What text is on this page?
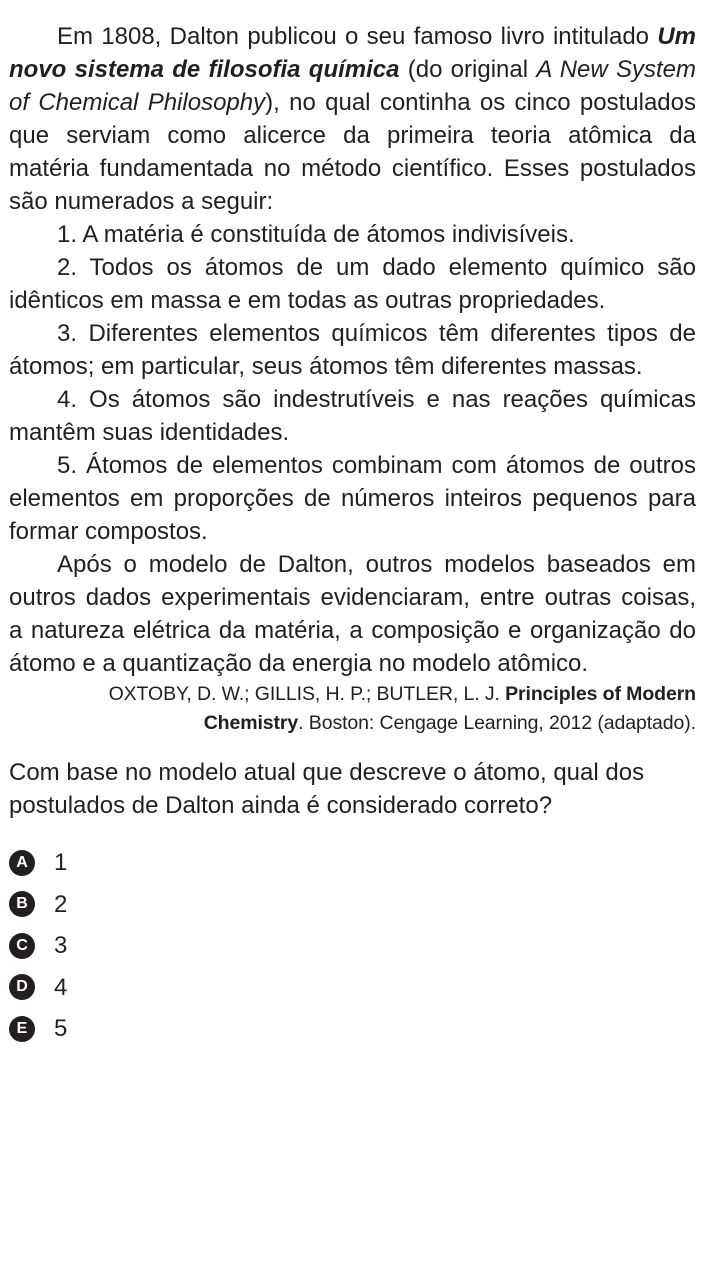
Em 1808, Dalton publicou o seu famoso livro intitulado Um novo sistema de filosofia química (do original A New System of Chemical Philosophy), no qual continha os cinco postulados que serviam como alicerce da primeira teoria atômica da matéria fundamentada no método científico. Esses postulados são numerados a seguir:

1. A matéria é constituída de átomos indivisíveis.

2. Todos os átomos de um dado elemento químico são idênticos em massa e em todas as outras propriedades.

3. Diferentes elementos químicos têm diferentes tipos de átomos; em particular, seus átomos têm diferentes massas.

4. Os átomos são indestrutíveis e nas reações químicas mantêm suas identidades.

5. Átomos de elementos combinam com átomos de outros elementos em proporções de números inteiros pequenos para formar compostos.

Após o modelo de Dalton, outros modelos baseados em outros dados experimentais evidenciaram, entre outras coisas, a natureza elétrica da matéria, a composição e organização do átomo e a quantização da energia no modelo atômico.

OXTOBY, D. W.; GILLIS, H. P.; BUTLER, L. J. Principles of Modern
Chemistry. Boston: Cengage Learning, 2012 (adaptado).

Com base no modelo atual que descreve o átomo, qual dos postulados de Dalton ainda é considerado correto?

A	1
B	2
C	3
D	4
E	5
